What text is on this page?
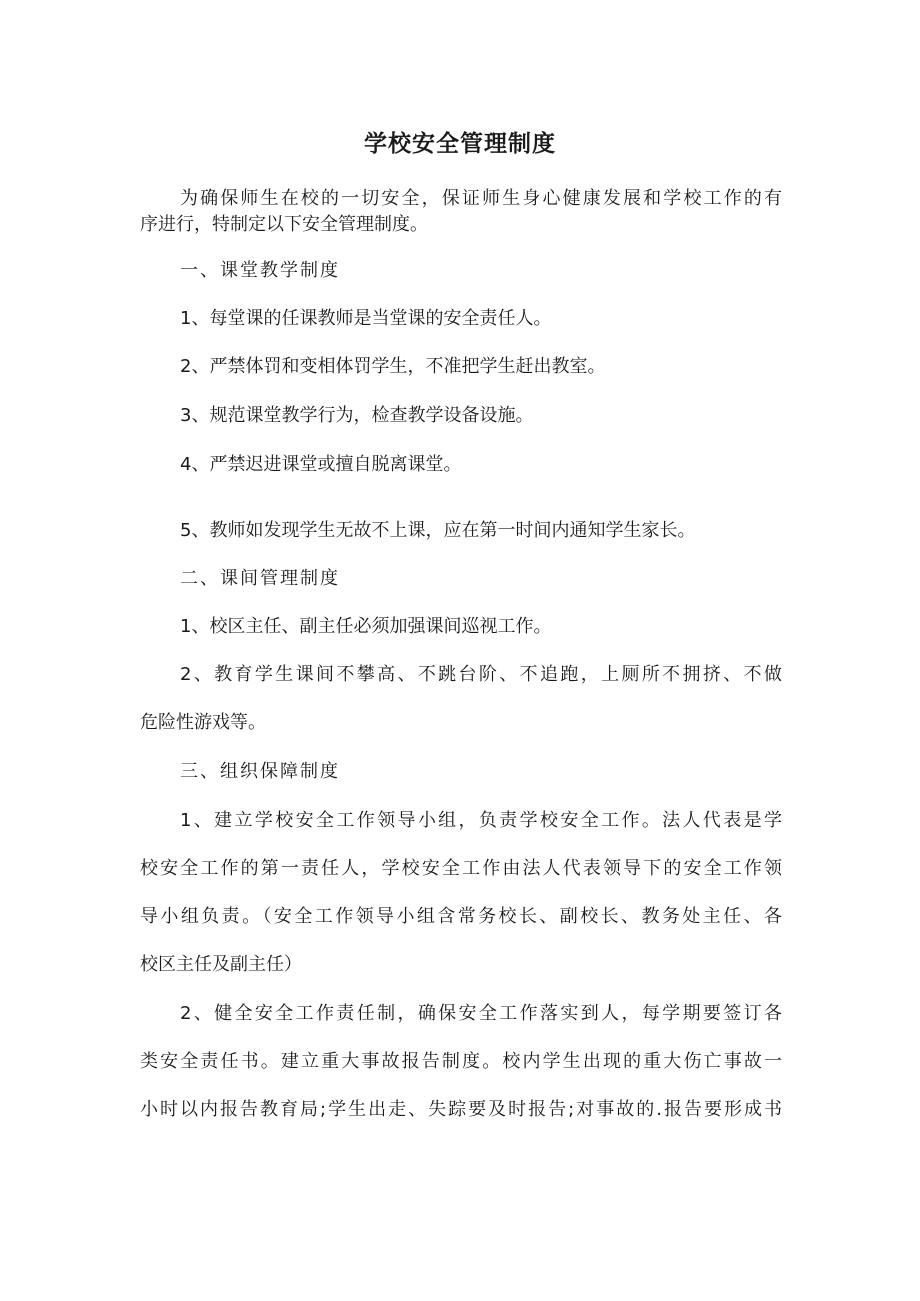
学校安全管理制度
为确保师生在校的一切安全，保证师生身心健康发展和学校工作的有
序进行，特制定以下安全管理制度。
一、课堂教学制度
1、每堂课的任课教师是当堂课的安全责任人。
2、严禁体罚和变相体罚学生，不准把学生赶出教室。
3、规范课堂教学行为，检查教学设备设施。
4、严禁迟进课堂或擅自脱离课堂。
5、教师如发现学生无故不上课，应在第一时间内通知学生家长。
二、课间管理制度
1、校区主任、副主任必须加强课间巡视工作。
2、教育学生课间不攀高、不跳台阶、不追跑，上厕所不拥挤、不做
危险性游戏等。
三、组织保障制度
1、建立学校安全工作领导小组，负责学校安全工作。法人代表是学
校安全工作的第一责任人，学校安全工作由法人代表领导下的安全工作领
导小组负责。（安全工作领导小组含常务校长、副校长、教务处主任、各
校区主任及副主任）
2、健全安全工作责任制，确保安全工作落实到人，每学期要签订各
类安全责任书。建立重大事故报告制度。校内学生出现的重大伤亡事故一
小时以内报告教育局;学生出走、失踪要及时报告;对事故的.报告要形成书
